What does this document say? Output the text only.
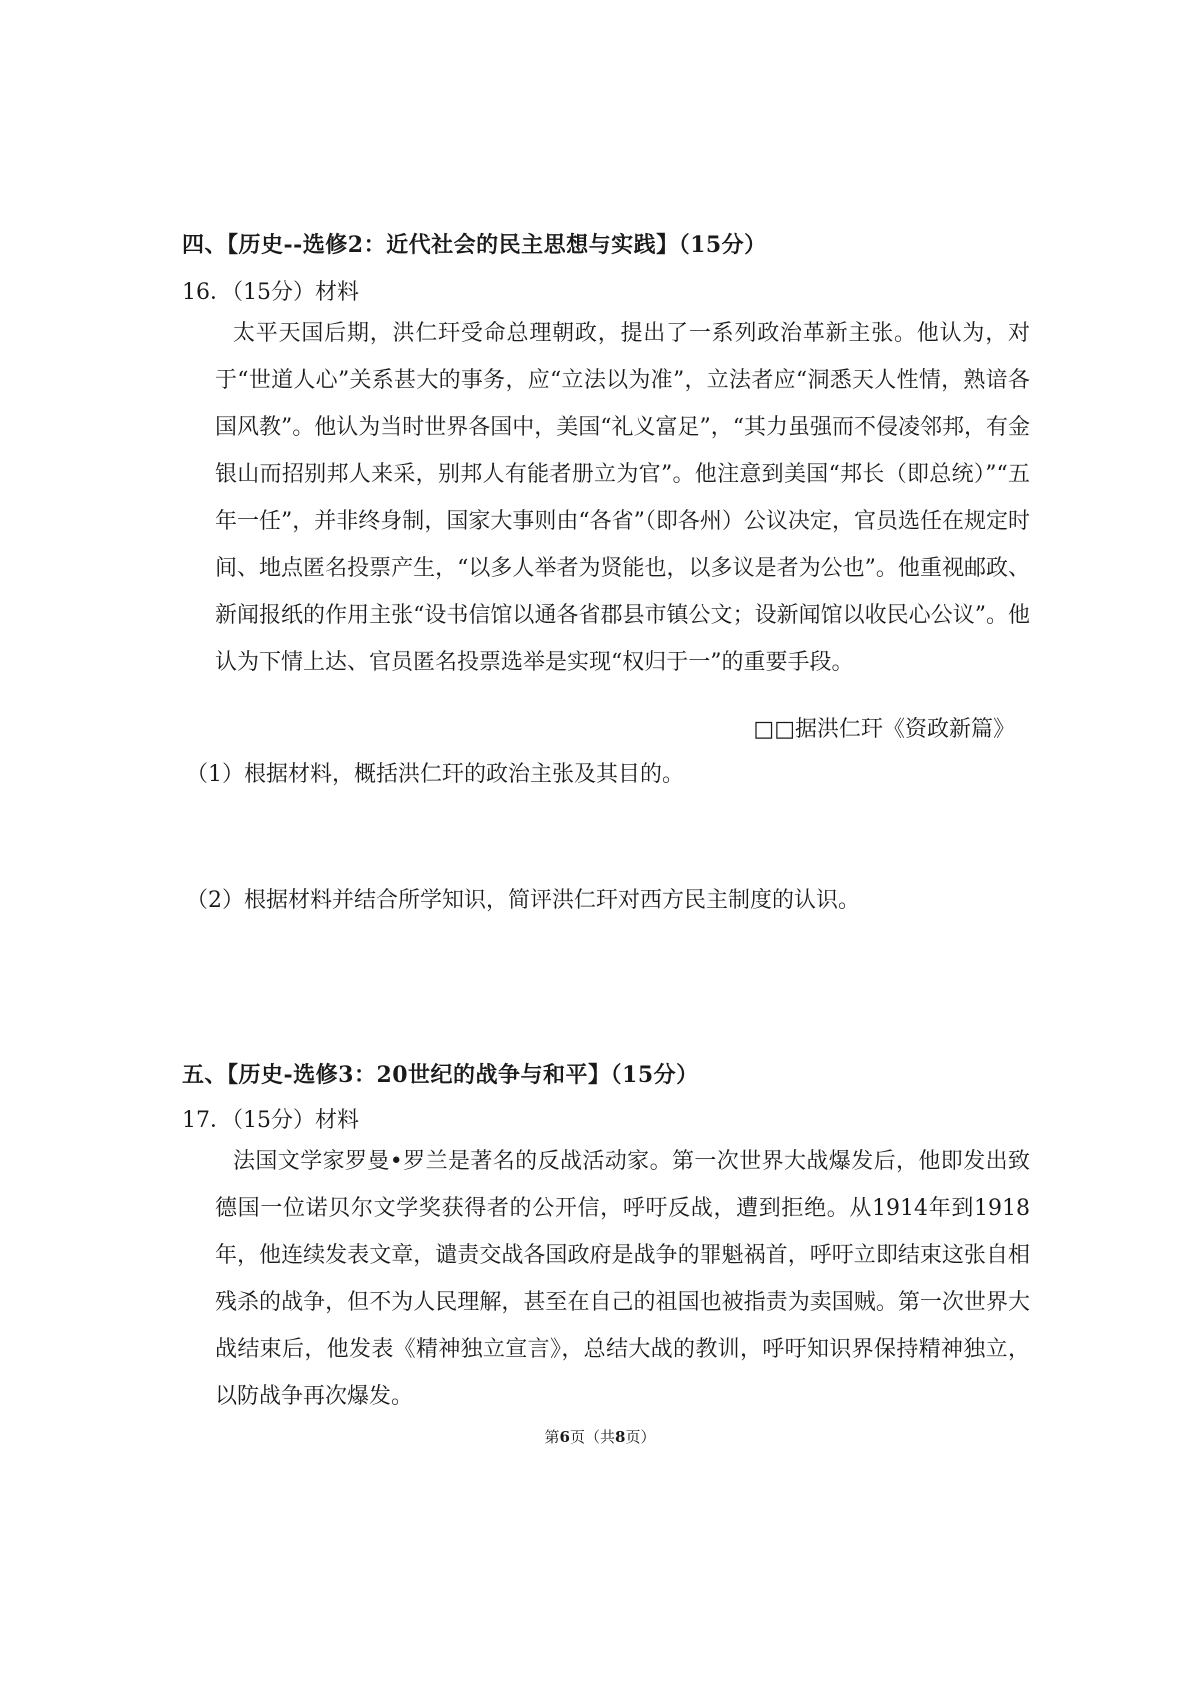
四、【历史--选修2：近代社会的民主思想与实践】（15分）
16．（15分）材料
太平天国后期，洪仁玕受命总理朝政，提出了一系列政治革新主张。他认为，对于“世道人心”关系甚大的事务，应“立法以为准”，立法者应“洞悉天人性情，熟谙各国风教”。他认为当时世界各国中，美国“礼义富足”，“其力虽强而不侵凌邻邦，有金银山而招别邦人来采，别邦人有能者册立为官”。他注意到美国“邦长（即总统）”“五年一任”，并非终身制，国家大事则由“各省”（即各州）公议决定，官员选任在规定时间、地点匿名投票产生，“以多人举者为贤能也，以多议是者为公也”。他重视邮政、新闻报纸的作用主张“设书信馆以通各省郡县市镇公文；设新闻馆以收民心公议”。他认为下情上达、官员匿名投票选举是实现“权归于一”的重要手段。
□□据洪仁玕《资政新篇》
（1）根据材料，概括洪仁玕的政治主张及其目的。
（2）根据材料并结合所学知识，简评洪仁玕对西方民主制度的认识。
五、【历史-选修3：20世纪的战争与和平】（15分）
17．（15分）材料
法国文学家罗曼•罗兰是著名的反战活动家。第一次世界大战爆发后，他即发出致德国一位诺贝尔文学奖获得者的公开信，呼吁反战，遭到拒绝。从1914年到1918年，他连续发表文章，谴责交战各国政府是战争的罪魁祸首，呼吁立即结束这张自相残杀的战争，但不为人民理解，甚至在自己的祖国也被指责为卖国贼。第一次世界大战结束后，他发表《精神独立宣言》，总结大战的教训，呼吁知识界保持精神独立，以防战争再次爆发。
第6页（共8页）
